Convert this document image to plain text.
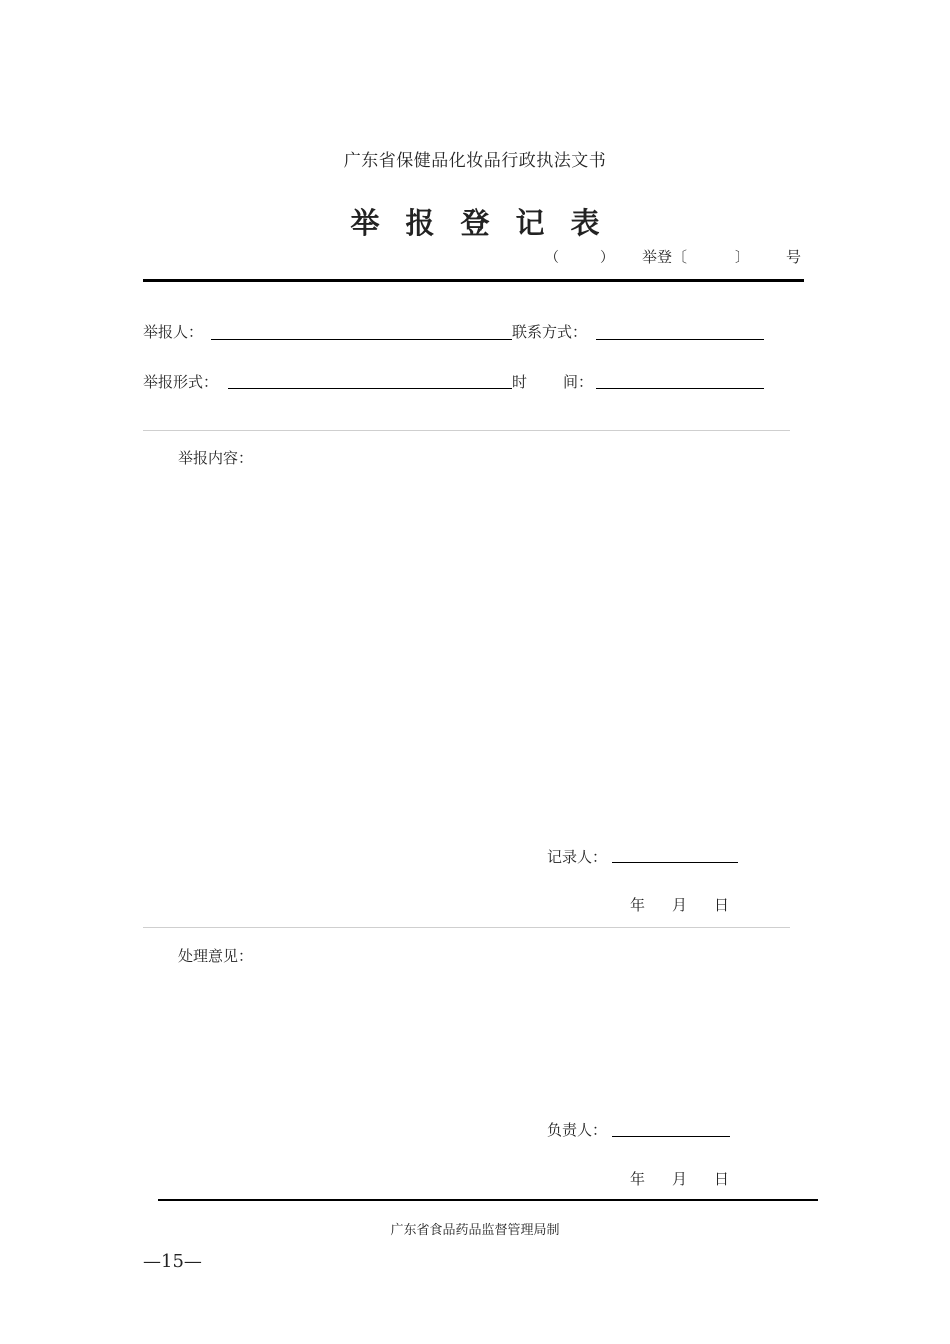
广东省保健品化妆品行政执法文书
举报登记表
（	） 举登〔	〕 号
举报人：	联系方式：
举报形式：	时 间：
举报内容：
记录人：
年 月 日
处理意见：
负责人：
年 月 日
广东省食品药品监督管理局制
—15—
